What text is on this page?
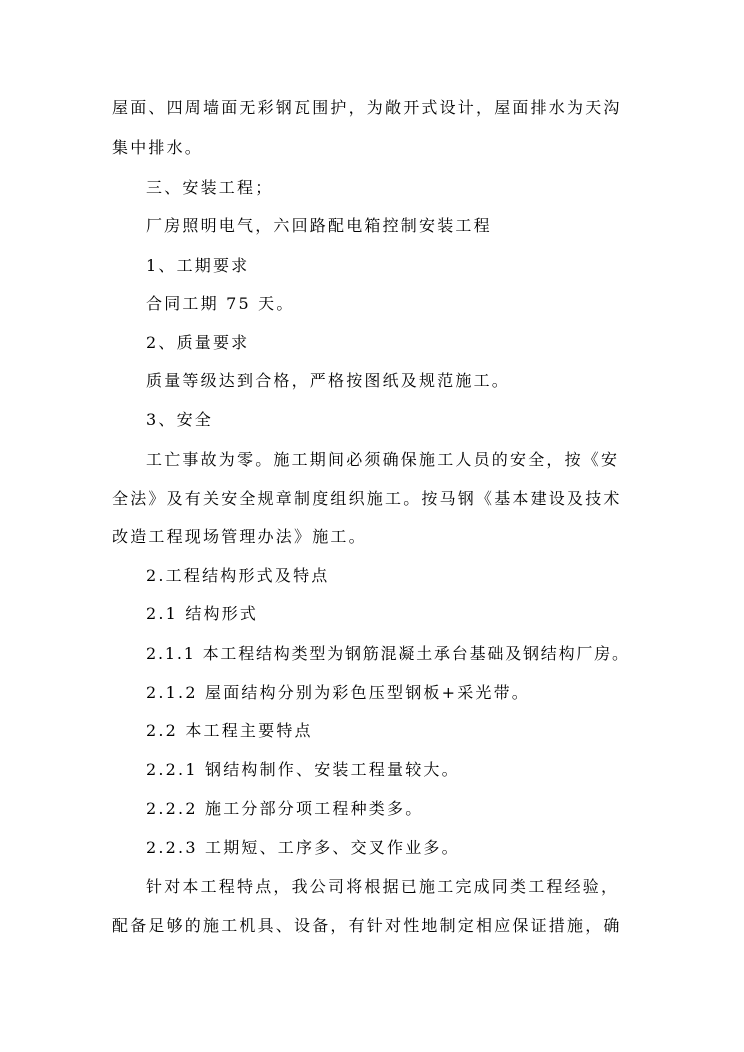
屋面、四周墙面无彩钢瓦围护，为敞开式设计，屋面排水为天沟
集中排水。
三、安装工程；
厂房照明电气，六回路配电箱控制安装工程
1、工期要求
合同工期 75 天。
2、质量要求
质量等级达到合格，严格按图纸及规范施工。
3、安全
工亡事故为零。施工期间必须确保施工人员的安全，按《安
全法》及有关安全规章制度组织施工。按马钢《基本建设及技术
改造工程现场管理办法》施工。
2.工程结构形式及特点
2.1 结构形式
2.1.1 本工程结构类型为钢筋混凝土承台基础及钢结构厂房。
2.1.2 屋面结构分别为彩色压型钢板+采光带。
2.2 本工程主要特点
2.2.1 钢结构制作、安装工程量较大。
2.2.2 施工分部分项工程种类多。
2.2.3 工期短、工序多、交叉作业多。
针对本工程特点，我公司将根据已施工完成同类工程经验，
配备足够的施工机具、设备，有针对性地制定相应保证措施，确
